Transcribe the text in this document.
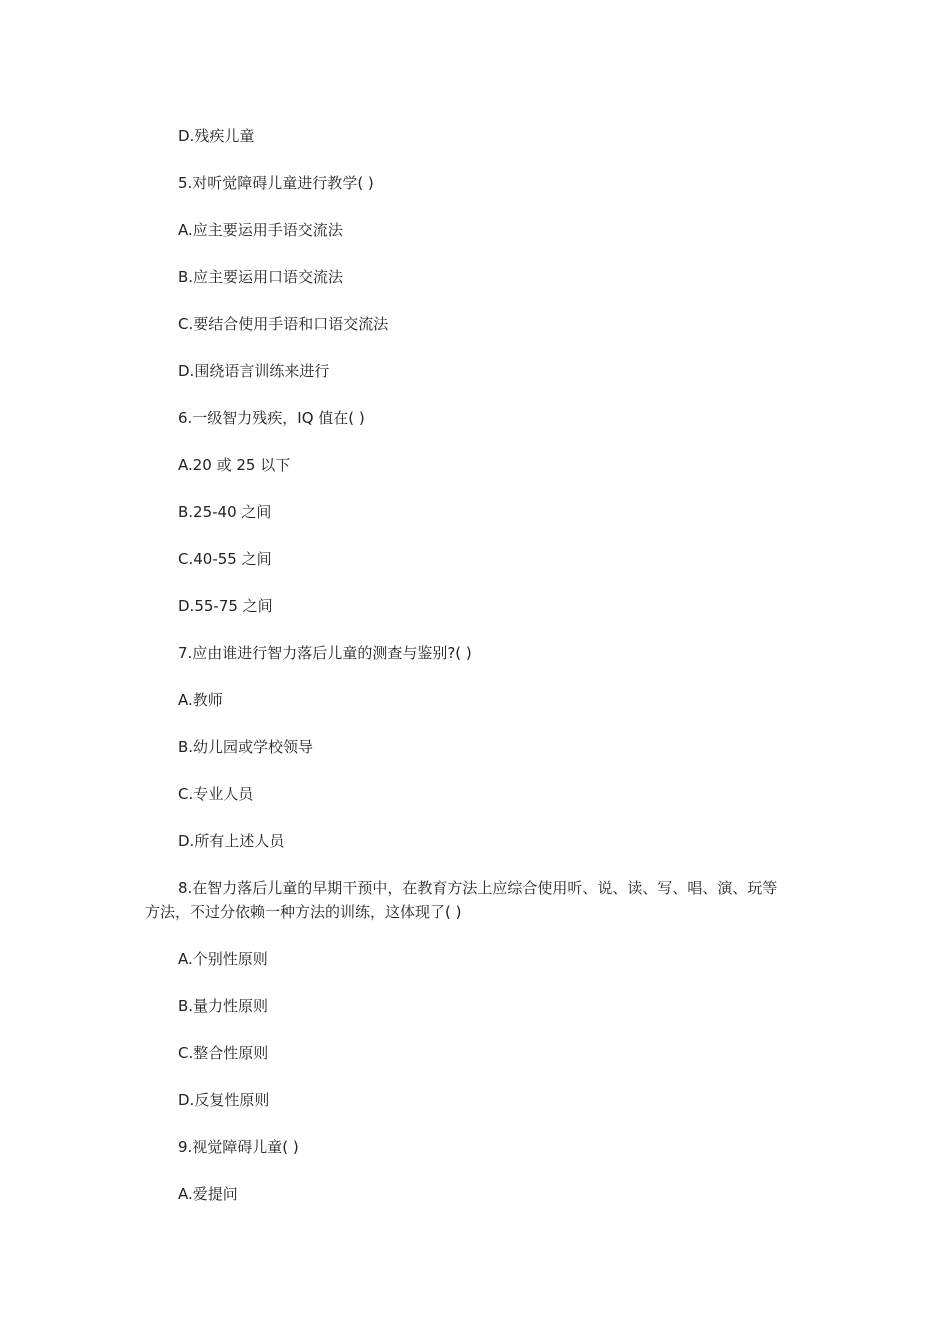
D.残疾儿童
5.对听觉障碍儿童进行教学( )
A.应主要运用手语交流法
B.应主要运用口语交流法
C.要结合使用手语和口语交流法
D.围绕语言训练来进行
6.一级智力残疾，IQ 值在( )
A.20 或 25 以下
B.25-40 之间
C.40-55 之间
D.55-75 之间
7.应由谁进行智力落后儿童的测查与鉴别?( )
A.教师
B.幼儿园或学校领导
C.专业人员
D.所有上述人员
8.在智力落后儿童的早期干预中，在教育方法上应综合使用听、说、读、写、唱、演、玩等
方法，不过分依赖一种方法的训练，这体现了( )
A.个别性原则
B.量力性原则
C.整合性原则
D.反复性原则
9.视觉障碍儿童( )
A.爱提问
